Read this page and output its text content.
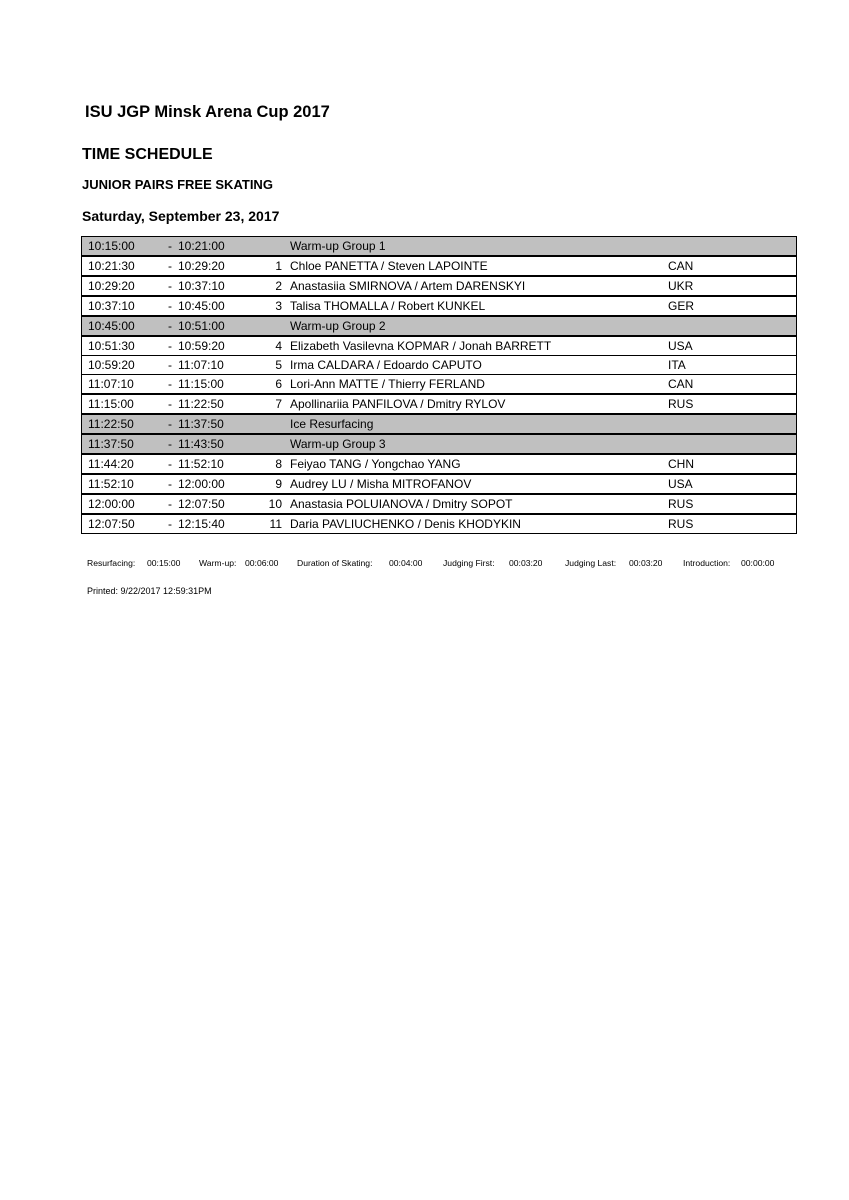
ISU JGP Minsk Arena Cup 2017
TIME SCHEDULE
JUNIOR PAIRS FREE SKATING
Saturday, September 23, 2017
10:15:00	-	10:21:00		Warm-up Group 1	
10:21:30	-	10:29:20	1	Chloe PANETTA / Steven LAPOINTE	CAN
10:29:20	-	10:37:10	2	Anastasiia SMIRNOVA / Artem DARENSKYI	UKR
10:37:10	-	10:45:00	3	Talisa THOMALLA / Robert KUNKEL	GER
10:45:00	-	10:51:00		Warm-up Group 2	
10:51:30	-	10:59:20	4	Elizabeth Vasilevna KOPMAR / Jonah BARRETT	USA
10:59:20	-	11:07:10	5	Irma CALDARA / Edoardo CAPUTO	ITA
11:07:10	-	11:15:00	6	Lori-Ann MATTE / Thierry FERLAND	CAN
11:15:00	-	11:22:50	7	Apollinariia PANFILOVA / Dmitry RYLOV	RUS
11:22:50	-	11:37:50		Ice Resurfacing	
11:37:50	-	11:43:50		Warm-up Group 3	
11:44:20	-	11:52:10	8	Feiyao TANG / Yongchao YANG	CHN
11:52:10	-	12:00:00	9	Audrey LU / Misha MITROFANOV	USA
12:00:00	-	12:07:50	10	Anastasia POLUIANOVA / Dmitry SOPOT	RUS
12:07:50	-	12:15:40	11	Daria PAVLIUCHENKO / Denis KHODYKIN	RUS
Resurfacing:	00:15:00	Warm-up: 00:06:00	Duration of Skating:	00:04:00	Judging First:	00:03:20	Judging Last:	00:03:20	Introduction:	00:00:00
Printed: 9/22/2017 12:59:31PM
